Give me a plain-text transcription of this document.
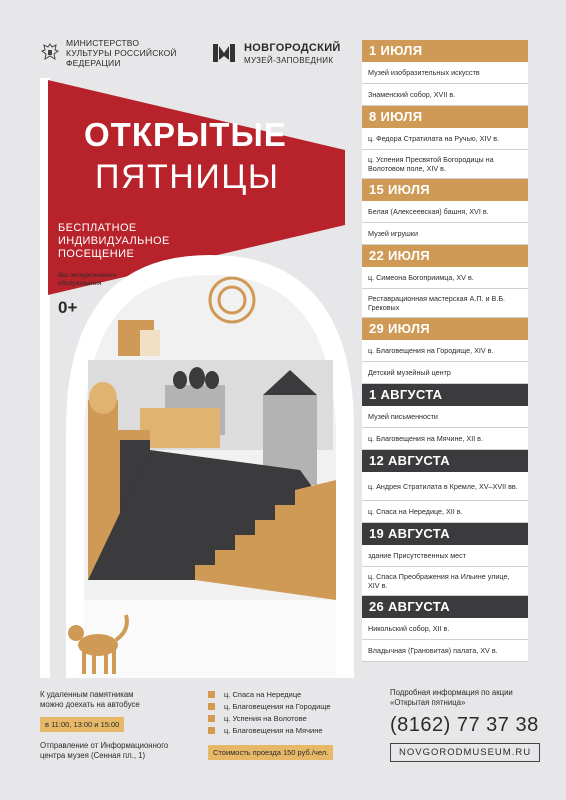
МИНИСТЕРСТВО КУЛЬТУРЫ РОССИЙСКОЙ ФЕДЕРАЦИИ
НОВГОРОДСКИЙ
МУЗЕЙ-ЗАПОВЕДНИК
ОТКРЫТЫЕ
ПЯТНИЦЫ
БЕСПЛАТНОЕ
ИНДИВИДУАЛЬНОЕ
ПОСЕЩЕНИЕ
без экскурсионного обслуживания
0+
1 ИЮЛЯ
Музей изобразительных искусств
Знаменский собор, XVII в.
8 ИЮЛЯ
ц. Федора Стратилата на Ручью, XIV в.
ц. Успения Пресвятой Богородицы на Волотовом поле, XIV в.
15 ИЮЛЯ
Белая (Алексеевская) башня, XVI в.
Музей игрушки
22 ИЮЛЯ
ц. Симеона Богоприимца, XV в.
Реставрационная мастерская А.П. и В.Б. Грековых
29 ИЮЛЯ
ц. Благовещения на Городище, XIV в.
Детский музейный центр
1 АВГУСТА
Музей письменности
ц. Благовещения на Мячине, XII в.
12 АВГУСТА
ц. Андрея Стратилата в Кремле, XV–XVII вв.
ц. Спаса на Нередице, XII в.
19 АВГУСТА
здание Присутственных мест
ц. Спаса Преображения на Ильине улице, XIV в.
26 АВГУСТА
Никольский собор, XII в.
Владычная (Грановитая) палата, XV в.
К удаленным памятникам
можно доехать на автобусе
в 11:00, 13:00 и 15:00
Отправление от Информационного
центра музея (Сенная пл., 1)
ц. Спаса на Нередице
ц. Благовещения на Городище
ц. Успения на Волотове
ц. Благовещения на Мячине
Стоимость проезда 150 руб./чел.
Подробная информация по акции
«Открытая пятница»
(8162) 77 37 38
NOVGORODMUSEUM.RU
